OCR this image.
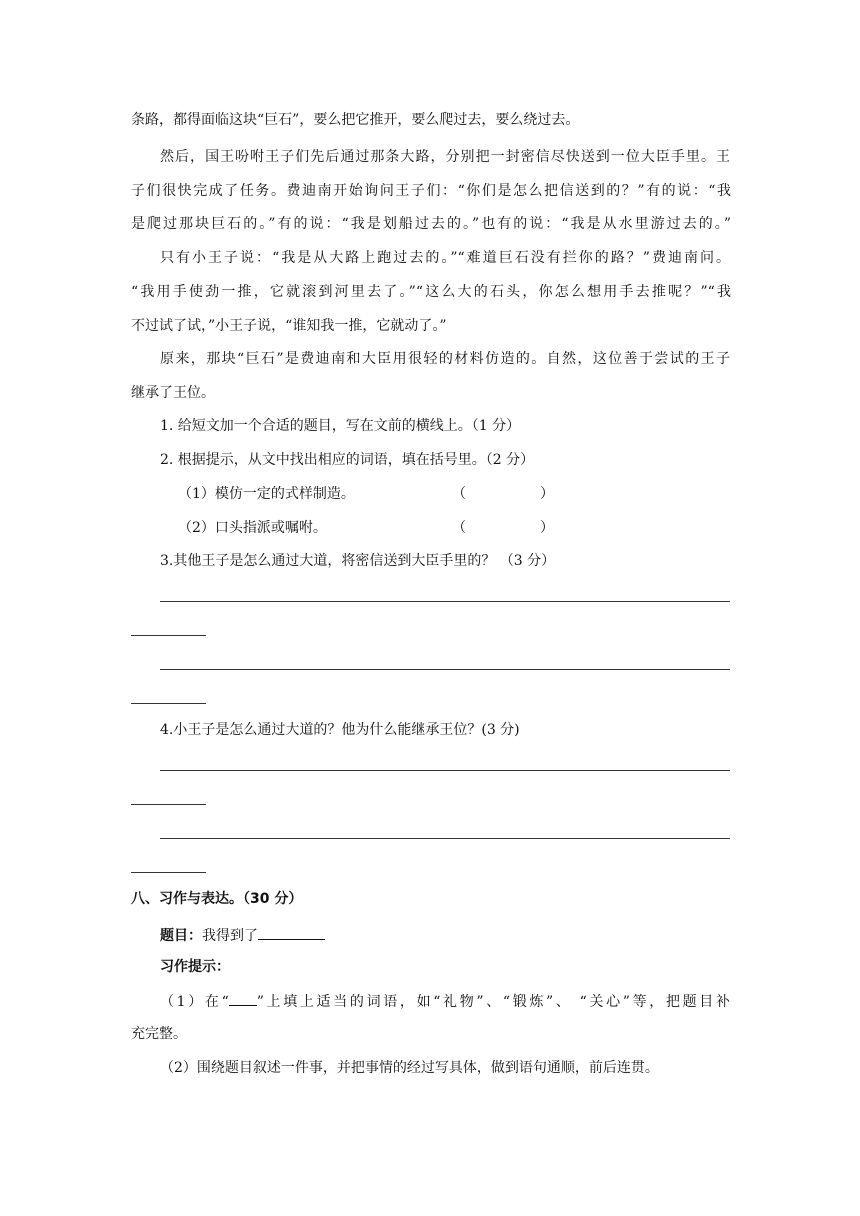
条路，都得面临这块“巨石”，要么把它推开，要么爬过去，要么绕过去。
然后，国王吩咐王子们先后通过那条大路，分别把一封密信尽快送到一位大臣手里。王
子们很快完成了任务。费迪南开始询问王子们：“你们是怎么把信送到的？”有的说：“我
是爬过那块巨石的。”有的说：“我是划船过去的。”也有的说：“我是从水里游过去的。”
只有小王子说：“我是从大路上跑过去的。”“难道巨石没有拦你的路？”费迪南问。
“我用手使劲一推，它就滚到河里去了。”“这么大的石头，你怎么想用手去推呢？”“我
不过试了试，”小王子说，“谁知我一推，它就动了。”
原来，那块“巨石”是费迪南和大臣用很轻的材料仿造的。自然，这位善于尝试的王子
继承了王位。
1. 给短文加一个合适的题目，写在文前的横线上。（1 分）
2. 根据提示，从文中找出相应的词语，填在括号里。（2 分）
（1）模仿一定的式样制造。	（	）
（2）口头指派或嘱咐。	（	）
3.其他王子是怎么通过大道，将密信送到大臣手里的？ （3 分）
4.小王子是怎么通过大道的？他为什么能继承王位？(3 分)
八、习作与表达。（30 分）
题目：我得到了
习作提示：
（1）在“ ”上填上适当的词语，如“礼物”、“锻炼”、 “关心”等，把题目补
充完整。
（2）围绕题目叙述一件事，并把事情的经过写具体，做到语句通顺，前后连贯。
